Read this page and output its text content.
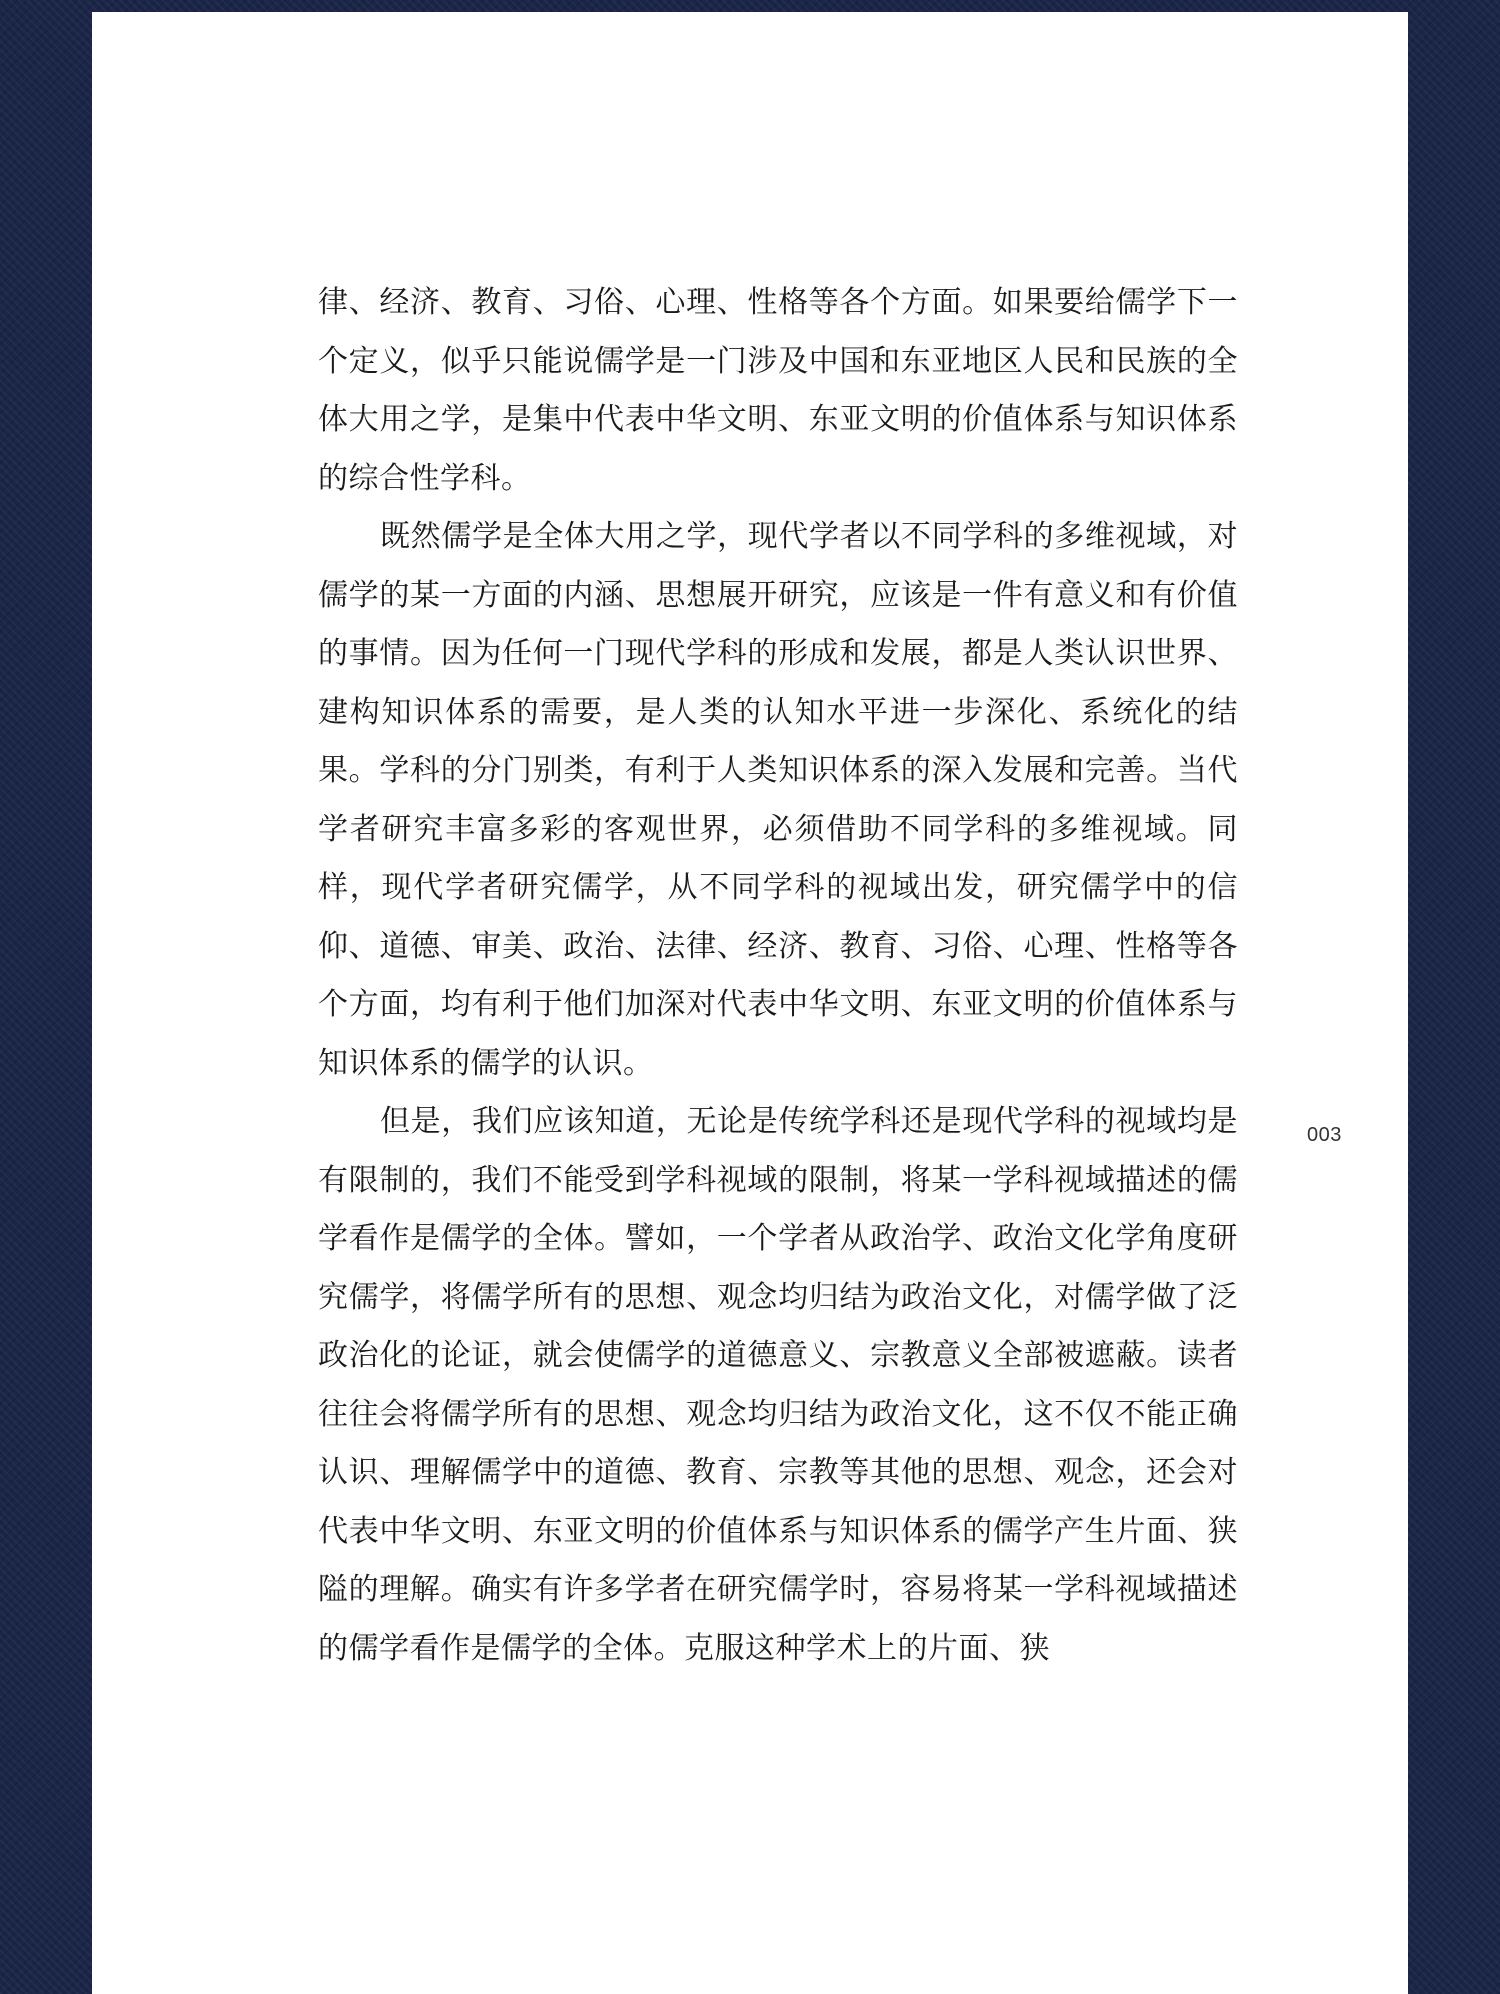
律、经济、教育、习俗、心理、性格等各个方面。如果要给儒学下一个定义，似乎只能说儒学是一门涉及中国和东亚地区人民和民族的全体大用之学，是集中代表中华文明、东亚文明的价值体系与知识体系的综合性学科。

既然儒学是全体大用之学，现代学者以不同学科的多维视域，对儒学的某一方面的内涵、思想展开研究，应该是一件有意义和有价值的事情。因为任何一门现代学科的形成和发展，都是人类认识世界、建构知识体系的需要，是人类的认知水平进一步深化、系统化的结果。学科的分门别类，有利于人类知识体系的深入发展和完善。当代学者研究丰富多彩的客观世界，必须借助不同学科的多维视域。同样，现代学者研究儒学，从不同学科的视域出发，研究儒学中的信仰、道德、审美、政治、法律、经济、教育、习俗、心理、性格等各个方面，均有利于他们加深对代表中华文明、东亚文明的价值体系与知识体系的儒学的认识。

但是，我们应该知道，无论是传统学科还是现代学科的视域均是有限制的，我们不能受到学科视域的限制，将某一学科视域描述的儒学看作是儒学的全体。譬如，一个学者从政治学、政治文化学角度研究儒学，将儒学所有的思想、观念均归结为政治文化，对儒学做了泛政治化的论证，就会使儒学的道德意义、宗教意义全部被遮蔽。读者往往会将儒学所有的思想、观念均归结为政治文化，这不仅不能正确认识、理解儒学中的道德、教育、宗教等其他的思想、观念，还会对代表中华文明、东亚文明的价值体系与知识体系的儒学产生片面、狭隘的理解。确实有许多学者在研究儒学时，容易将某一学科视域描述的儒学看作是儒学的全体。克服这种学术上的片面、狭

003
